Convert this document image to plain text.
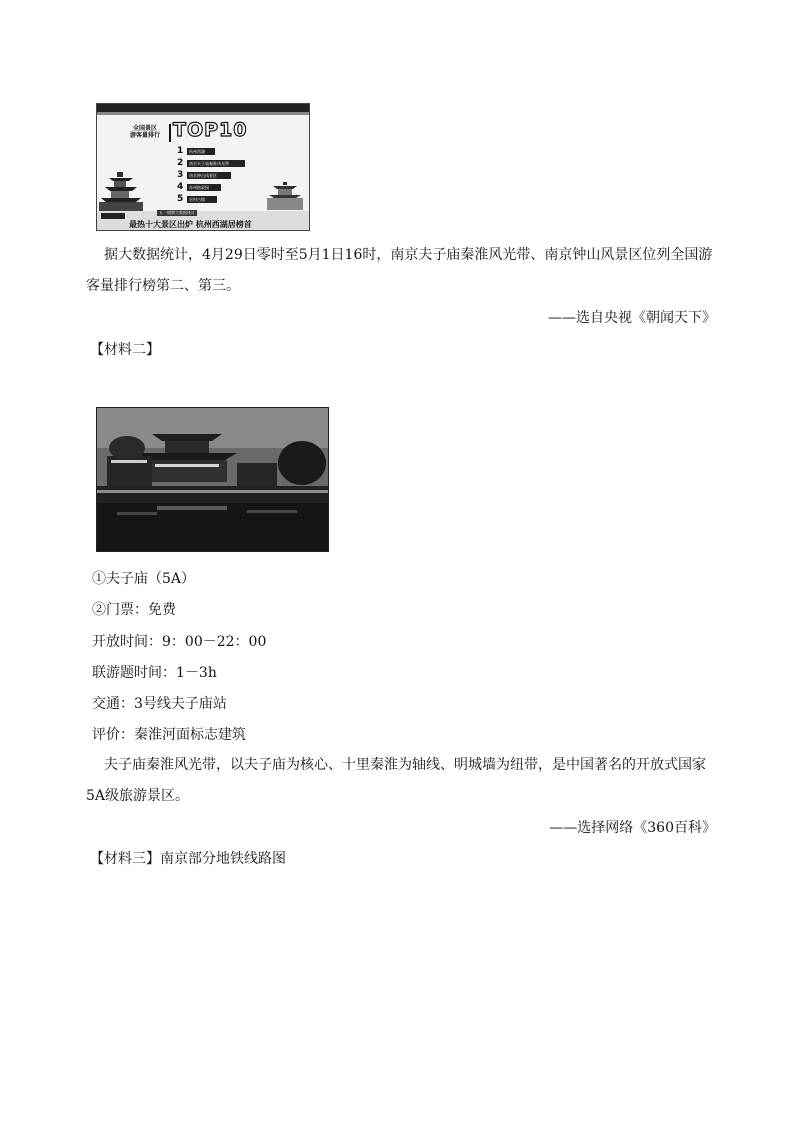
全国景区
游客量排行 TOP10
1	杭州西湖
2	南京夫子庙秦淮风光带
3	南京钟山风景区
4	苏州拙政园
5	宏村古镇
五一假期大数据统计
最热十大景区出炉 杭州西湖居榜首

据大数据统计，4月29日零时至5月1日16时，南京夫子庙秦淮风光带、南京钟山风景区位列全国游客量排行榜第二、第三。

——选自央视《朝闻天下》
【材料二】
①夫子庙（5A）
②门票：免费
开放时间：9：00－22：00
联游题时间：1－3h
交通：3号线夫子庙站
评价：秦淮河面标志建筑

夫子庙秦淮风光带，以夫子庙为核心、十里秦淮为轴线、明城墙为纽带，是中国著名的开放式国家5A级旅游景区。

——选择网络《360百科》
【材料三】南京部分地铁线路图
